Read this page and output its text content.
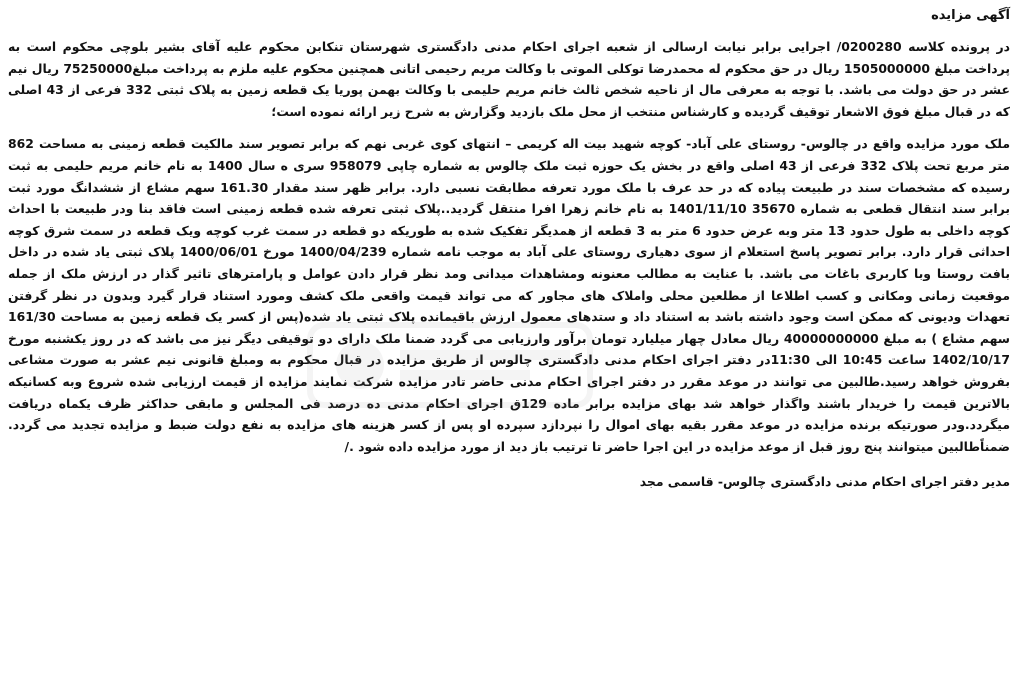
آگهی مزایده
در پرونده کلاسه 0200280/ اجرایی برابر نیابت ارسالی از شعبه اجرای احکام مدنی دادگستری شهرستان تنکابن محکوم علیه آقای بشیر بلوچی محکوم است به پرداخت مبلغ 1505000000 ریال در حق محکوم له محمدرضا توکلی الموتی با وکالت مریم رحیمی اتانی همچنین محکوم علیه ملزم به پرداخت مبلغ75250000 ریال نیم عشر در حق دولت می باشد. با توجه به معرفی مال از ناحیه شخص ثالث خانم مریم حلیمی با وکالت بهمن پوریا یک قطعه زمین به پلاک ثبتی 332 فرعی از 43 اصلی که در قبال مبلغ فوق الاشعار توقیف گردیده و کارشناس منتخب از محل ملک بازدید وگزارش به شرح زیر ارائه نموده است؛
ملک مورد مزایده واقع در چالوس- روستای علی آباد- کوچه شهید بیت اله کریمی – انتهای کوی غربی نهم که برابر تصویر سند مالکیت قطعه زمینی به مساحت 862 متر مربع تحت پلاک 332 فرعی از 43 اصلی واقع در بخش یک حوزه ثبت ملک چالوس به شماره چاپی 958079 سری ه سال 1400 به نام خانم مریم حلیمی به ثبت رسیده که مشخصات سند در طبیعت پیاده که در حد عرف با ملک مورد تعرفه مطابقت نسبی دارد. برابر ظهر سند مقدار 161.30 سهم مشاع از ششدانگ مورد ثبت برابر سند انتقال قطعی به شماره 35670 1401/11/10 به نام خانم زهرا افرا منتقل گردید..پلاک ثبتی تعرفه شده قطعه زمینی است فاقد بنا ودر طبیعت با احداث کوچه داخلی به طول حدود 13 متر وبه عرض حدود 6 متر به 3 قطعه از همدیگر تفکیک شده به طوریکه دو قطعه در سمت غرب کوچه ویک قطعه در سمت شرق کوچه احداثی قرار دارد. برابر تصویر پاسخ استعلام از سوی دهیاری روستای علی آباد به موجب نامه شماره 1400/04/239 مورخ 1400/06/01 پلاک ثبتی یاد شده در داخل بافت روستا وبا کاربری باغات می باشد. با عنایت به مطالب معنونه ومشاهدات میدانی ومد نظر قرار دادن عوامل و پارامترهای تاثیر گذار در ارزش ملک از جمله موقعیت زمانی ومکانی و کسب اطلاعا از مطلعین محلی واملاک های مجاور که می تواند قیمت واقعی ملک کشف ومورد استناد قرار گیرد وبدون در نظر گرفتن تعهدات ودیونی که ممکن است وجود داشته باشد به استناد داد و ستدهای معمول ارزش باقیمانده پلاک ثبتی یاد شده(پس از کسر یک قطعه زمین به مساحت 161/30 سهم مشاع ) به مبلغ 40000000000 ریال معادل چهار میلیارد تومان برآور وارزیابی می گردد ضمنا ملک دارای دو توقیفی دیگر نیز می باشد که در روز یکشنبه مورخ 1402/10/17 ساعت 10:45 الی 11:30در دفتر اجرای احکام مدنی دادگستری چالوس از طریق مزایده در قبال محکوم به ومبلغ قانونی نیم عشر به صورت مشاعی بفروش خواهد رسید.طالبین می توانند در موعد مقرر در دفتر اجرای احکام مدنی حاضر تادر مزایده شرکت نمایند مزایده از قیمت ارزیابی شده شروع وبه کسانیکه بالاترین قیمت را خریدار باشند واگذار خواهد شد بهای مزایده برابر ماده 129ق اجرای احکام مدنی ده درصد فی المجلس و مابقی حداکثر ظرف یکماه دریافت میگردد.ودر صورتیکه برنده مزایده در موعد مقرر بقیه بهای اموال را نپردازد سپرده او پس از کسر هزینه های مزایده به نفع دولت ضبط و مزایده تجدید می گردد. ضمناًطالبین میتوانند پنج روز قبل از موعد مزایده در این اجرا حاضر تا ترتیب باز دید از مورد مزایده داده شود ./
مدیر دفتر اجرای احکام مدنی دادگستری چالوس- قاسمی مجد
